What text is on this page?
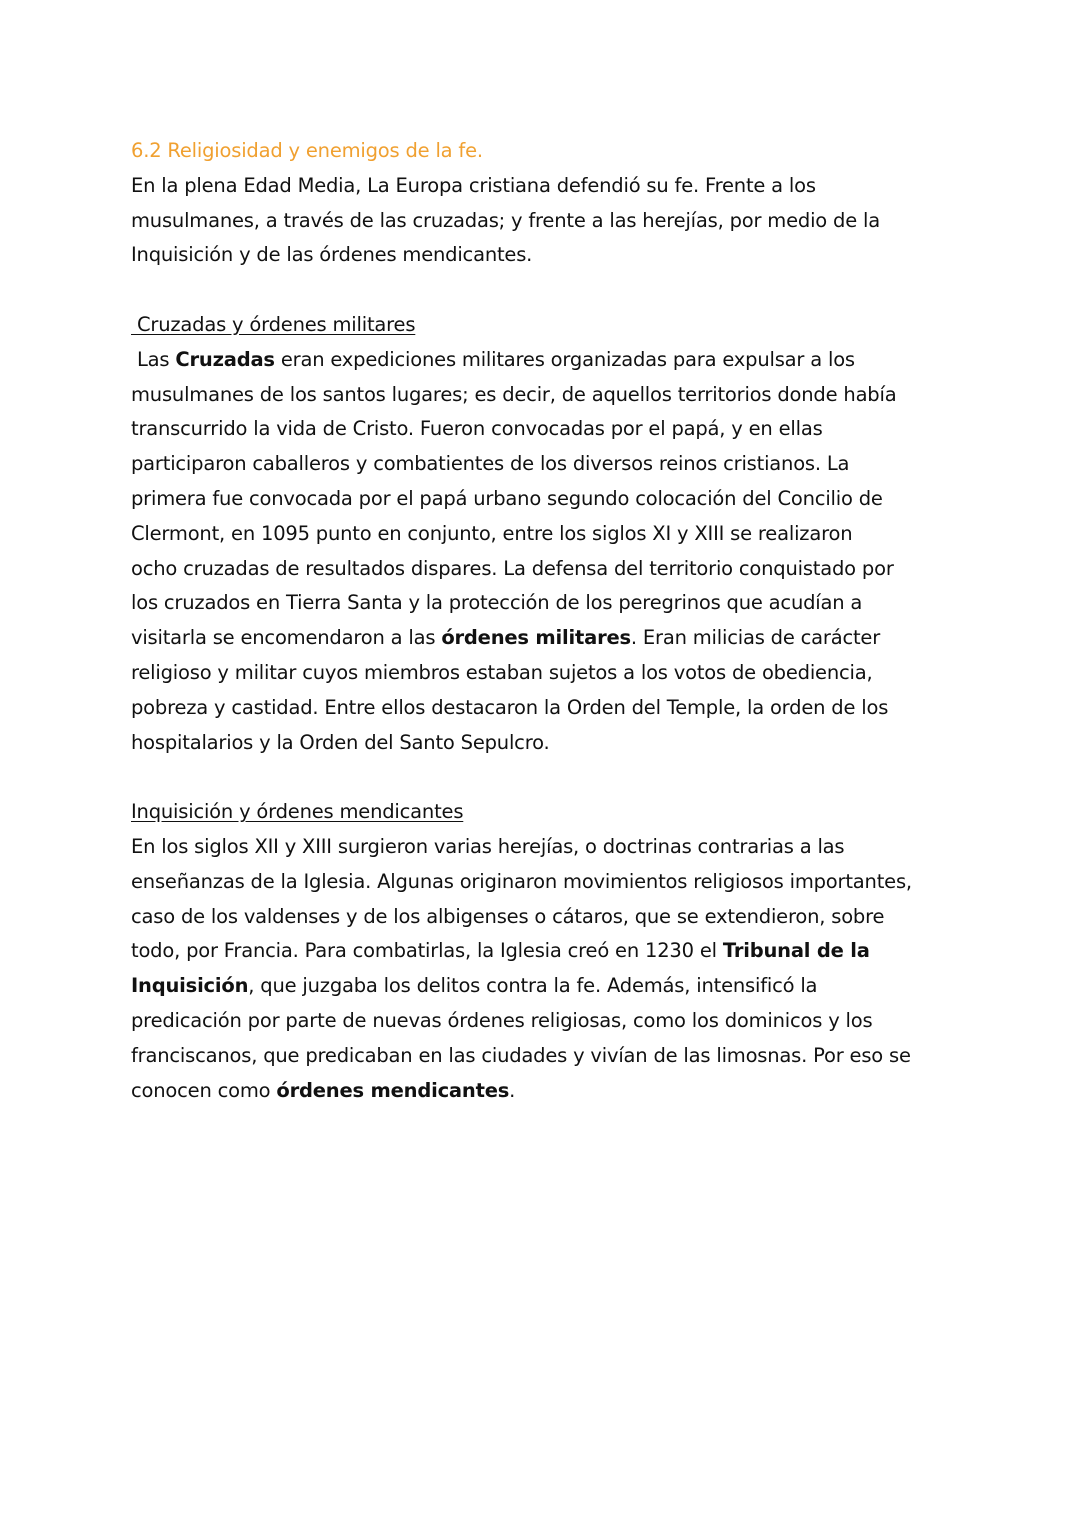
6.2 Religiosidad y enemigos de la fe.
En la plena Edad Media, La Europa cristiana defendió su fe. Frente a los
musulmanes, a través de las cruzadas; y frente a las herejías, por medio de la
Inquisición y de las órdenes mendicantes.
Cruzadas y órdenes militares
Las Cruzadas eran expediciones militares organizadas para expulsar a los
musulmanes de los santos lugares; es decir, de aquellos territorios donde había
transcurrido la vida de Cristo. Fueron convocadas por el papá, y en ellas
participaron caballeros y combatientes de los diversos reinos cristianos. La
primera fue convocada por el papá urbano segundo colocación del Concilio de
Clermont, en 1095 punto en conjunto, entre los siglos XI y XIII se realizaron
ocho cruzadas de resultados dispares. La defensa del territorio conquistado por
los cruzados en Tierra Santa y la protección de los peregrinos que acudían a
visitarla se encomendaron a las órdenes militares. Eran milicias de carácter
religioso y militar cuyos miembros estaban sujetos a los votos de obediencia,
pobreza y castidad. Entre ellos destacaron la Orden del Temple, la orden de los
hospitalarios y la Orden del Santo Sepulcro.
Inquisición y órdenes mendicantes
En los siglos XII y XIII surgieron varias herejías, o doctrinas contrarias a las
enseñanzas de la Iglesia. Algunas originaron movimientos religiosos importantes,
caso de los valdenses y de los albigenses o cátaros, que se extendieron, sobre
todo, por Francia. Para combatirlas, la Iglesia creó en 1230 el Tribunal de la
Inquisición, que juzgaba los delitos contra la fe. Además, intensificó la
predicación por parte de nuevas órdenes religiosas, como los dominicos y los
franciscanos, que predicaban en las ciudades y vivían de las limosnas. Por eso se
conocen como órdenes mendicantes.
